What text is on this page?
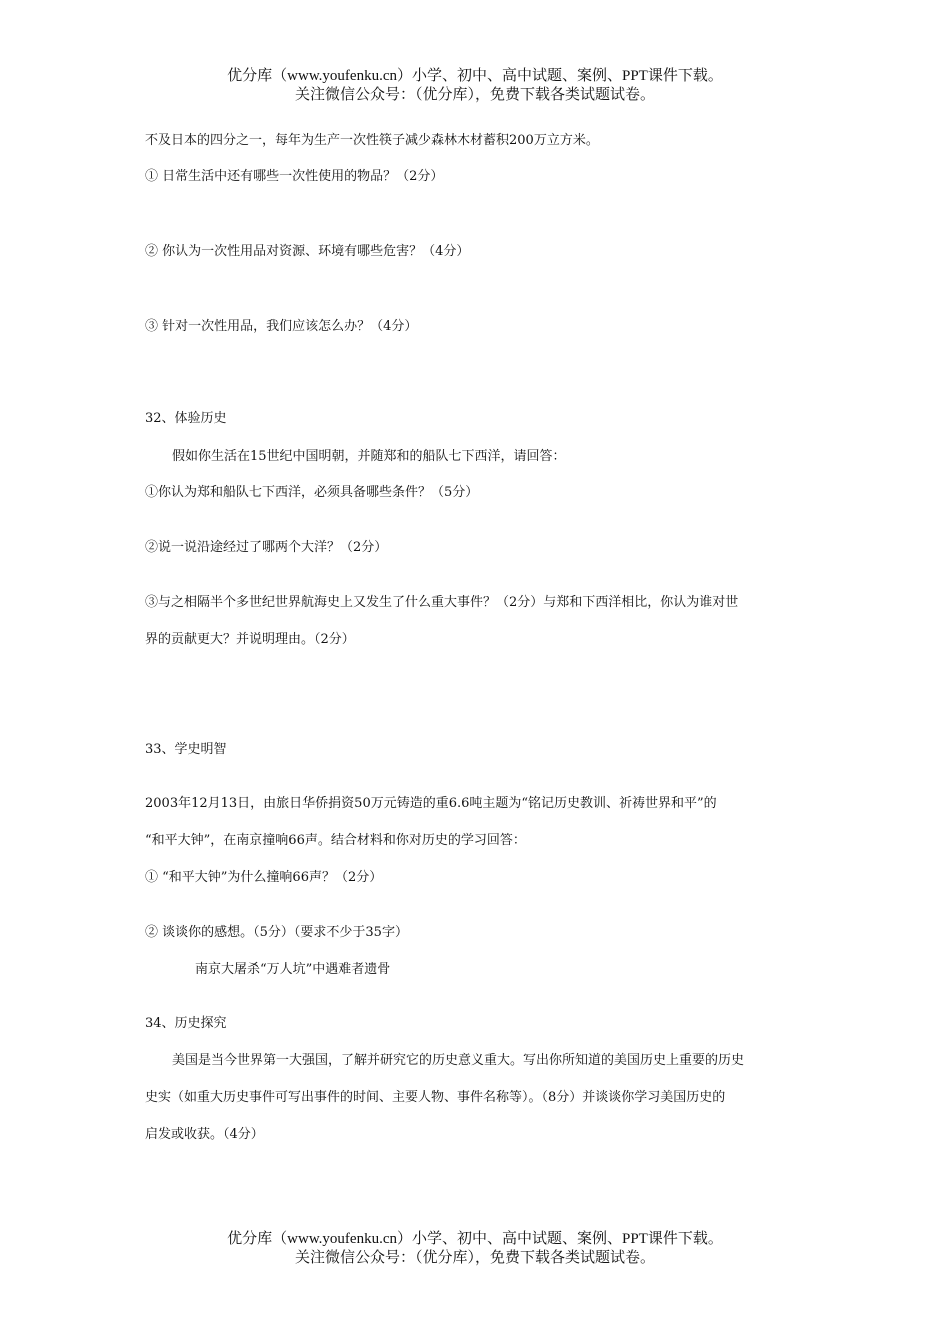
优分库（www.youfenku.cn）小学、初中、高中试题、案例、PPT课件下载。
关注微信公众号：（优分库），免费下载各类试题试卷。
不及日本的四分之一，每年为生产一次性筷子减少森林木材蓄积200万立方米。
① 日常生活中还有哪些一次性使用的物品？（2分）
② 你认为一次性用品对资源、环境有哪些危害？（4分）
③ 针对一次性用品，我们应该怎么办？（4分）
32、体验历史
假如你生活在15世纪中国明朝，并随郑和的船队七下西洋，请回答：
①你认为郑和船队七下西洋，必须具备哪些条件？（5分）
②说一说沿途经过了哪两个大洋？（2分）
③与之相隔半个多世纪世界航海史上又发生了什么重大事件？（2分）与郑和下西洋相比，你认为谁对世
界的贡献更大？并说明理由。（2分）
33、学史明智
2003年12月13日，由旅日华侨捐资50万元铸造的重6.6吨主题为“铭记历史教训、祈祷世界和平”的
“和平大钟”，在南京撞响66声。结合材料和你对历史的学习回答：
① “和平大钟”为什么撞响66声？（2分）
② 谈谈你的感想。（5分）（要求不少于35字）
南京大屠杀“万人坑”中遇难者遗骨
34、历史探究
美国是当今世界第一大强国，了解并研究它的历史意义重大。写出你所知道的美国历史上重要的历史
史实（如重大历史事件可写出事件的时间、主要人物、事件名称等）。（8分）并谈谈你学习美国历史的
启发或收获。（4分）
优分库（www.youfenku.cn）小学、初中、高中试题、案例、PPT课件下载。
关注微信公众号：（优分库），免费下载各类试题试卷。
